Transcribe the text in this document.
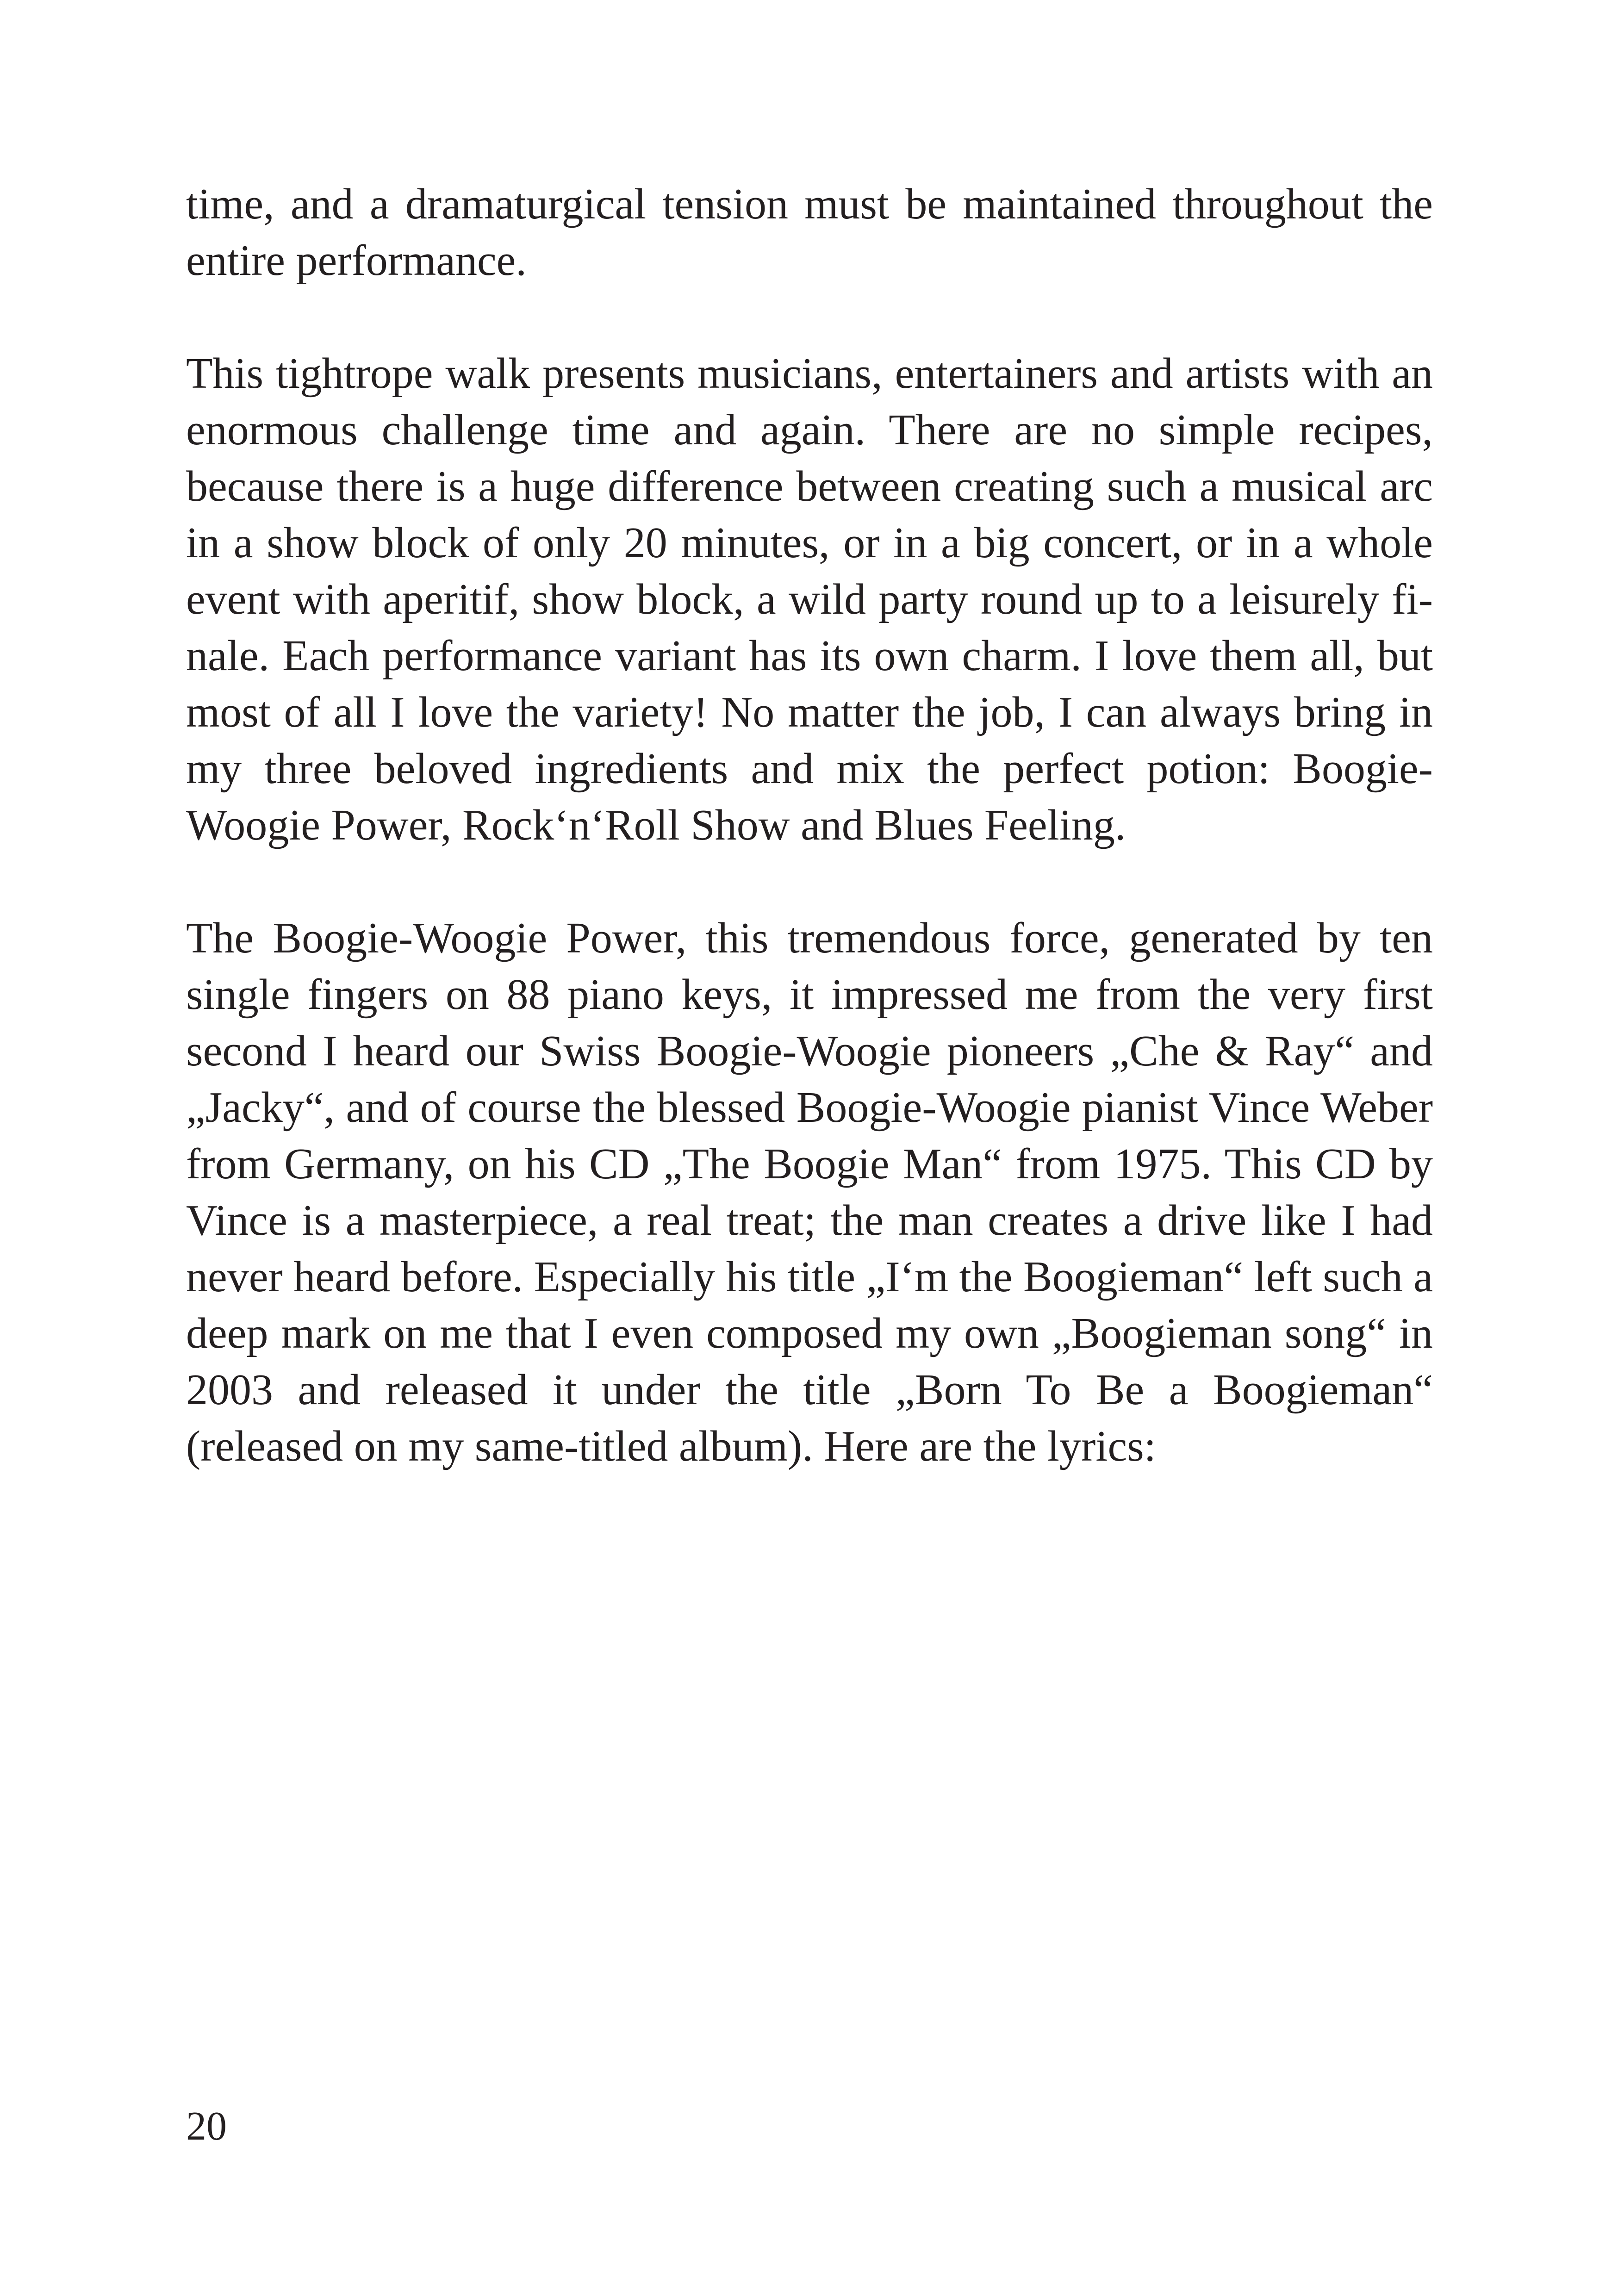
time, and a dramaturgical tension must be maintained throughout the entire performance.

This tightrope walk presents musicians, entertainers and artists with an enormous challenge time and again. There are no simple recipes, because there is a huge difference between creating such a musical arc in a show block of only 20 minutes, or in a big concert, or in a whole event with aperitif, show block, a wild party round up to a leisurely finale. Each performance variant has its own charm. I love them all, but most of all I love the variety! No matter the job, I can always bring in my three beloved ingredients and mix the perfect potion: Boogie-Woogie Power, Rock‘n‘Roll Show and Blues Feeling.

The Boogie-Woogie Power, this tremendous force, generated by ten single fingers on 88 piano keys, it impressed me from the very first second I heard our Swiss Boogie-Woogie pioneers „Che & Ray“ and „Jacky“, and of course the blessed Boogie-Woogie pianist Vince Weber from Germany, on his CD „The Boogie Man“ from 1975. This CD by Vince is a masterpiece, a real treat; the man creates a drive like I had never heard before. Especially his title „I‘m the Boogieman“ left such a deep mark on me that I even composed my own „Boogieman song“ in 2003 and released it under the title „Born To Be a Boogieman“ (released on my same-titled album). Here are the lyrics:

20
